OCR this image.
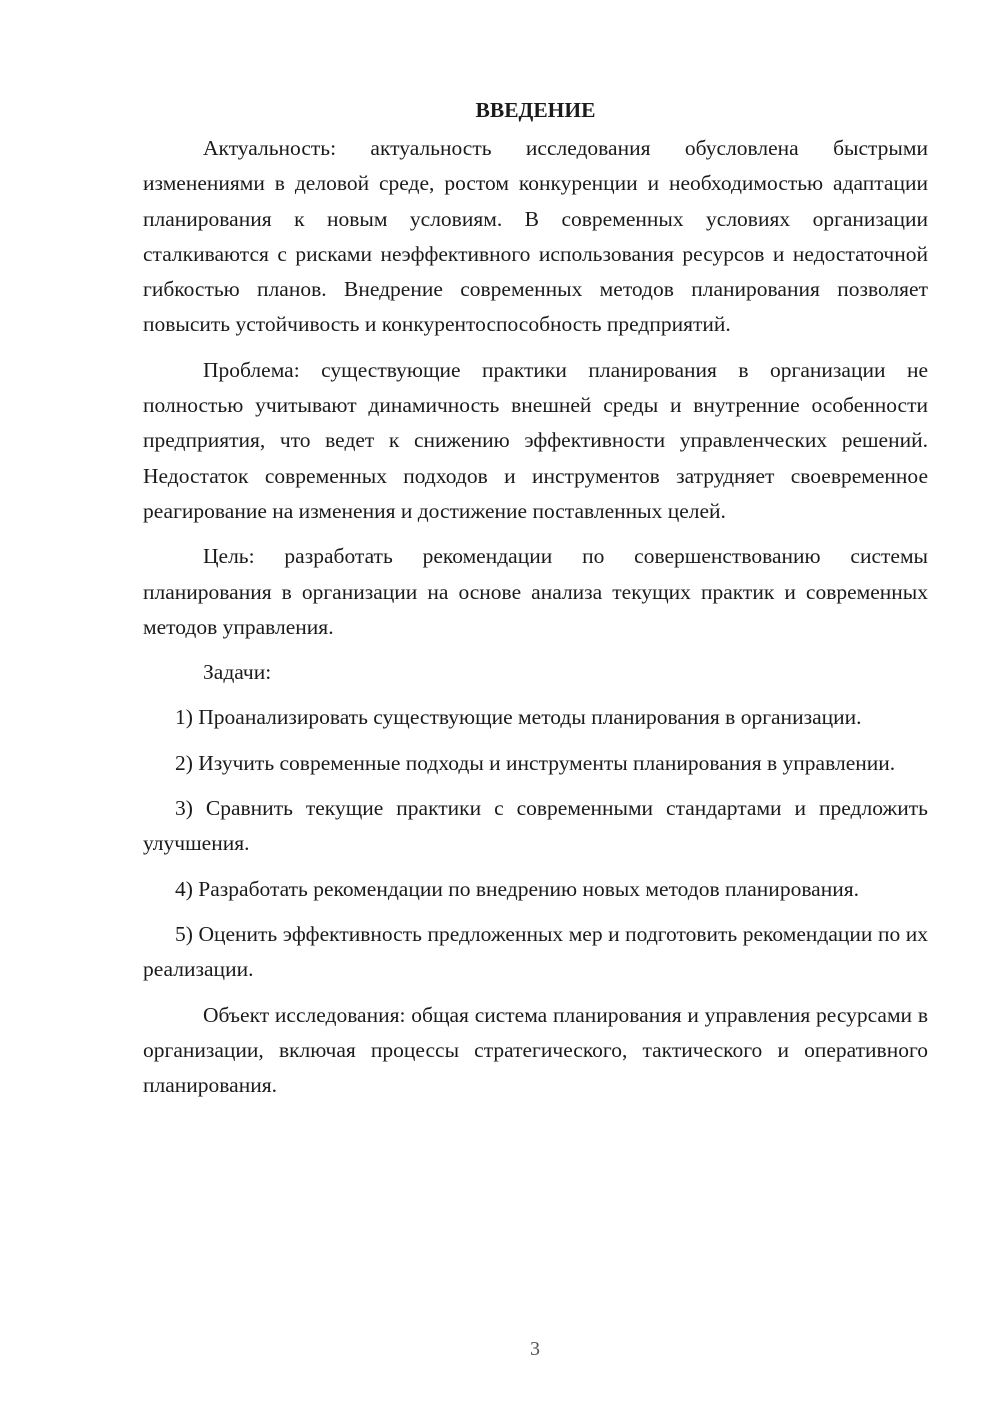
ВВЕДЕНИЕ

Актуальность: актуальность исследования обусловлена быстрыми изменениями в деловой среде, ростом конкуренции и необходимостью адаптации планирования к новым условиям. В современных условиях организации сталкиваются с рисками неэффективного использования ресурсов и недостаточной гибкостью планов. Внедрение современных методов планирования позволяет повысить устойчивость и конкурентоспособность предприятий.

Проблема: существующие практики планирования в организации не полностью учитывают динамичность внешней среды и внутренние особенности предприятия, что ведет к снижению эффективности управленческих решений. Недостаток современных подходов и инструментов затрудняет своевременное реагирование на изменения и достижение поставленных целей.

Цель: разработать рекомендации по совершенствованию системы планирования в организации на основе анализа текущих практик и современных методов управления.

Задачи:

1) Проанализировать существующие методы планирования в организации.

2) Изучить современные подходы и инструменты планирования в управлении.

3) Сравнить текущие практики с современными стандартами и предложить улучшения.

4) Разработать рекомендации по внедрению новых методов планирования.

5) Оценить эффективность предложенных мер и подготовить рекомендации по их реализации.

Объект исследования: общая система планирования и управления ресурсами в организации, включая процессы стратегического, тактического и оперативного планирования.

3
